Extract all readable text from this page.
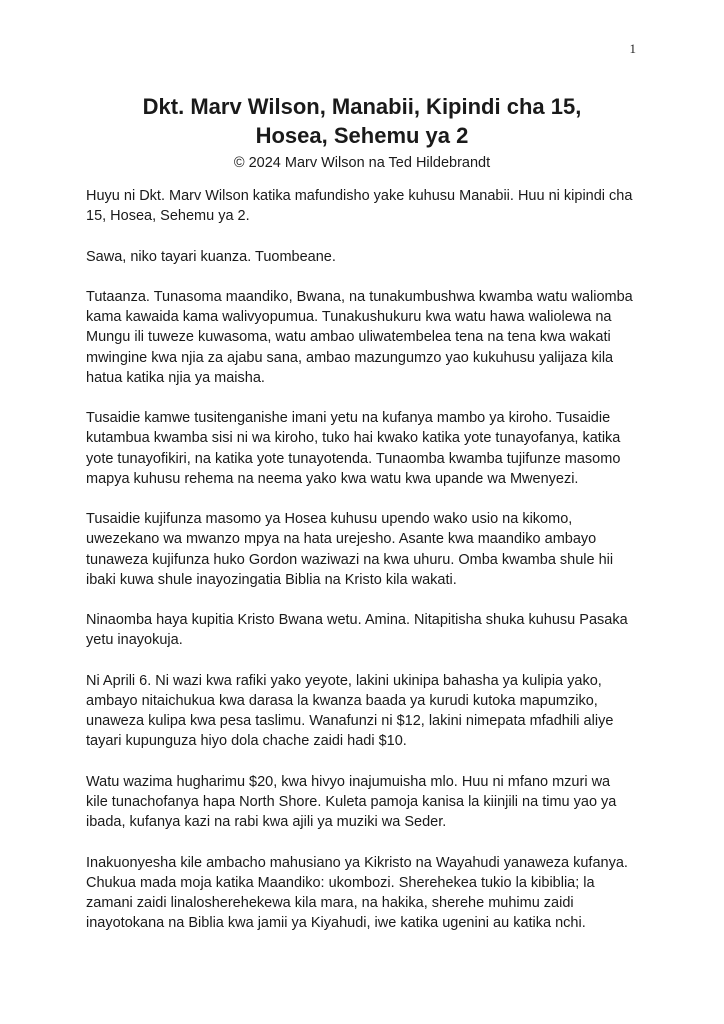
1
Dkt. Marv Wilson, Manabii, Kipindi cha 15,
Hosea, Sehemu ya 2
© 2024 Marv Wilson na Ted Hildebrandt

Huyu ni Dkt. Marv Wilson katika mafundisho yake kuhusu Manabii. Huu ni kipindi cha
15, Hosea, Sehemu ya 2.

Sawa, niko tayari kuanza. Tuombeane.

Tutaanza. Tunasoma maandiko, Bwana, na tunakumbushwa kwamba watu waliomba
kama kawaida kama walivyopumua. Tunakushukuru kwa watu hawa waliolewa na
Mungu ili tuweze kuwasoma, watu ambao uliwatembelea tena na tena kwa wakati
mwingine kwa njia za ajabu sana, ambao mazungumzo yao kukuhusu yalijaza kila
hatua katika njia ya maisha.

Tusaidie kamwe tusitenganishe imani yetu na kufanya mambo ya kiroho. Tusaidie
kutambua kwamba sisi ni wa kiroho, tuko hai kwako katika yote tunayofanya, katika
yote tunayofikiri, na katika yote tunayotenda. Tunaomba kwamba tujifunze masomo
mapya kuhusu rehema na neema yako kwa watu kwa upande wa Mwenyezi.

Tusaidie kujifunza masomo ya Hosea kuhusu upendo wako usio na kikomo,
uwezekano wa mwanzo mpya na hata urejesho. Asante kwa maandiko ambayo
tunaweza kujifunza huko Gordon waziwazi na kwa uhuru. Omba kwamba shule hii
ibaki kuwa shule inayozingatia Biblia na Kristo kila wakati.

Ninaomba haya kupitia Kristo Bwana wetu. Amina. Nitapitisha shuka kuhusu Pasaka
yetu inayokuja.

Ni Aprili 6. Ni wazi kwa rafiki yako yeyote, lakini ukinipa bahasha ya kulipia yako,
ambayo nitaichukua kwa darasa la kwanza baada ya kurudi kutoka mapumziko,
unaweza kulipa kwa pesa taslimu. Wanafunzi ni $12, lakini nimepata mfadhili aliye
tayari kupunguza hiyo dola chache zaidi hadi $10.

Watu wazima hugharimu $20, kwa hivyo inajumuisha mlo. Huu ni mfano mzuri wa
kile tunachofanya hapa North Shore. Kuleta pamoja kanisa la kiinjili na timu yao ya
ibada, kufanya kazi na rabi kwa ajili ya muziki wa Seder.

Inakuonyesha kile ambacho mahusiano ya Kikristo na Wayahudi yanaweza kufanya.
Chukua mada moja katika Maandiko: ukombozi. Sherehekea tukio la kibiblia; la
zamani zaidi linalosherehekewa kila mara, na hakika, sherehe muhimu zaidi
inayotokana na Biblia kwa jamii ya Kiyahudi, iwe katika ugenini au katika nchi.
